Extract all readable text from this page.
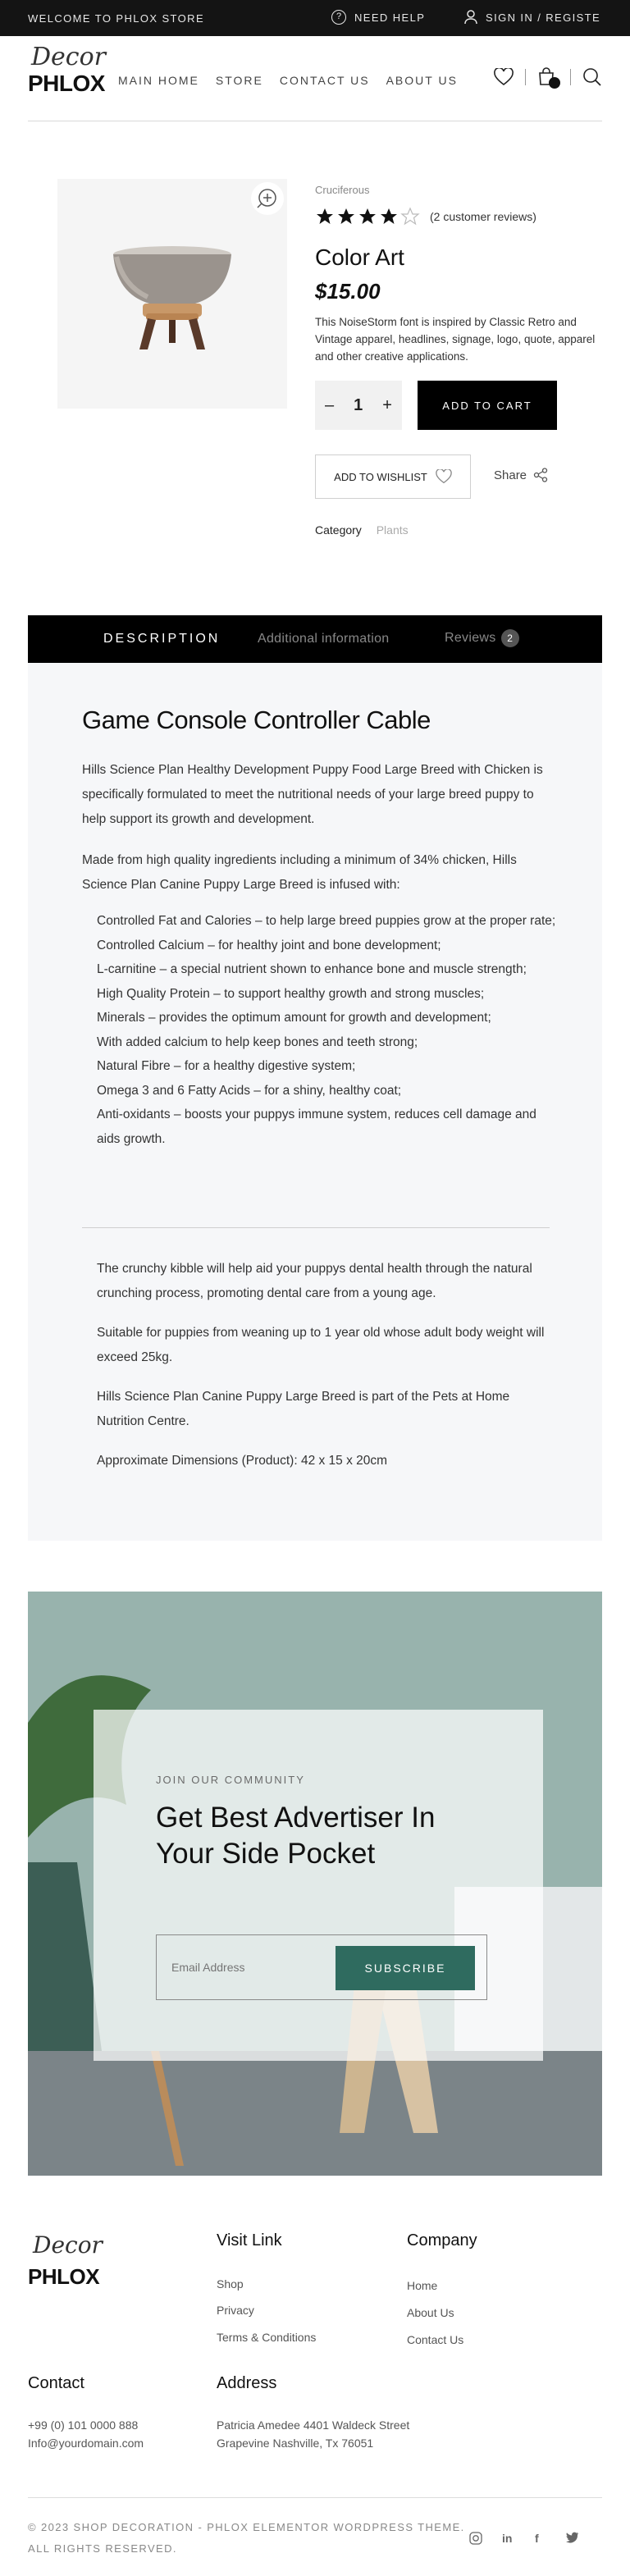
WELCOME TO PHLOX STORE	?	NEED HELP	SIGN IN / REGISTE
Decor
PHLOX MAIN HOME STORE CONTACT US ABOUT US	0
Cruciferous
(2 customer reviews)
Color Art
$15.00

This NoiseStorm font is inspired by Classic Retro and Vintage apparel, headlines, signage, logo, quote, apparel and other creative applications.

– 1 +	ADD TO CART
ADD TO WISHLIST	Share
Category Plants
DESCRIPTION	Additional information	Reviews 2
Game Console Controller Cable

Hills Science Plan Healthy Development Puppy Food Large Breed with Chicken is specifically formulated to meet the nutritional needs of your large breed puppy to help support its growth and development.

Made from high quality ingredients including a minimum of 34% chicken, Hills Science Plan Canine Puppy Large Breed is infused with:

Controlled Fat and Calories – to help large breed puppies grow at the proper rate;
Controlled Calcium – for healthy joint and bone development;
L-carnitine – a special nutrient shown to enhance bone and muscle strength;
High Quality Protein – to support healthy growth and strong muscles;
Minerals – provides the optimum amount for growth and development;
With added calcium to help keep bones and teeth strong;
Natural Fibre – for a healthy digestive system;
Omega 3 and 6 Fatty Acids – for a shiny, healthy coat;
Anti-oxidants – boosts your puppys immune system, reduces cell damage and aids growth.

The crunchy kibble will help aid your puppys dental health through the natural crunching process, promoting dental care from a young age.

Suitable for puppies from weaning up to 1 year old whose adult body weight will exceed 25kg.

Hills Science Plan Canine Puppy Large Breed is part of the Pets at Home Nutrition Centre.

Approximate Dimensions (Product): 42 x 15 x 20cm

JOIN OUR COMMUNITY
Get Best Advertiser In Your Side Pocket
Email Address
SUBSCRIBE
Decor
PHLOX
Visit Link
Shop
Privacy
Terms & Conditions
Company
Home
About Us
Contact Us
Contact
+99 (0) 101 0000 888
Info@yourdomain.com
Address
Patricia Amedee 4401 Waldeck Street
Grapevine Nashville, Tx 76051

© 2023 SHOP DECORATION - PHLOX ELEMENTOR WORDPRESS THEME. ALL RIGHTS RESERVED.

in f
